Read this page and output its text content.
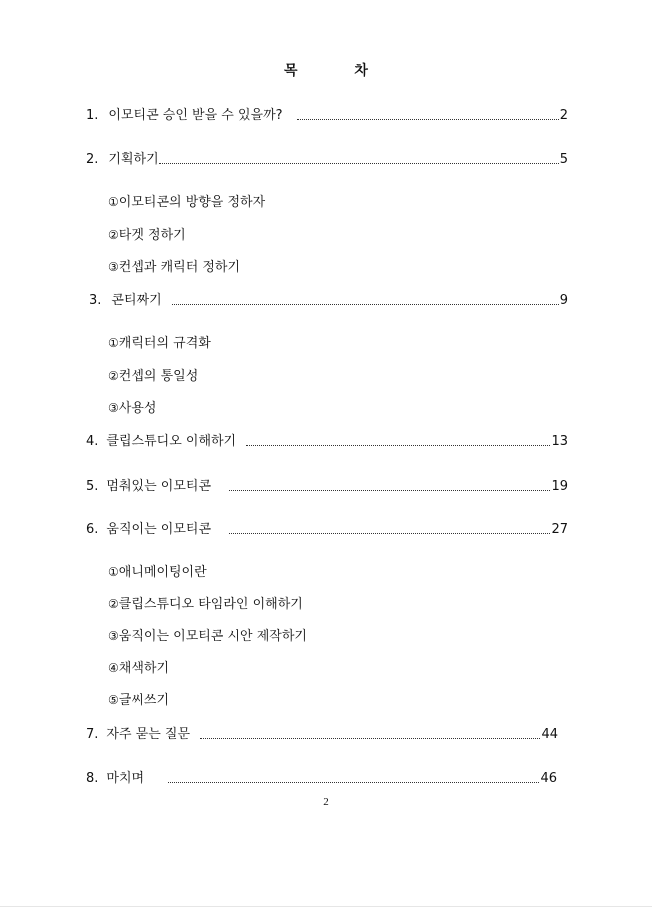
목 차
1. 이모티콘 승인 받을 수 있을까?	2
2. 기획하기	5
①이모티콘의 방향을 정하자
②타겟 정하기
③컨셉과 캐릭터 정하기
3. 콘티짜기	9
①캐릭터의 규격화
②컨셉의 통일성
③사용성
4. 클립스튜디오 이해하기	13
5. 멈춰있는 이모티콘	19
6. 움직이는 이모티콘	27
①애니메이팅이란
②클립스튜디오 타임라인 이해하기
③움직이는 이모티콘 시안 제작하기
④채색하기
⑤글씨쓰기
7. 자주 묻는 질문	44
8. 마치며	46
2
